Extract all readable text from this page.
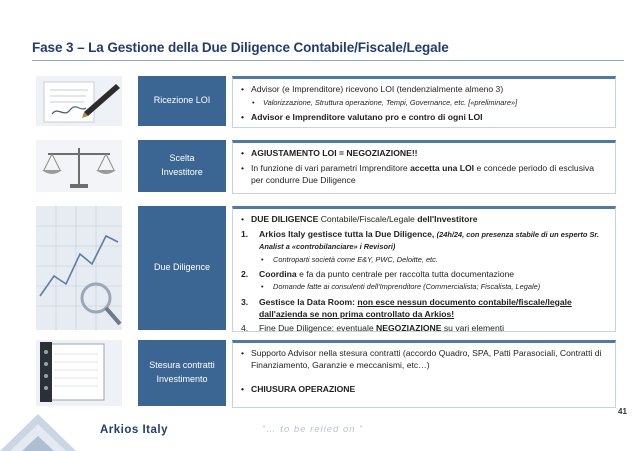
Fase 3 – La Gestione della Due Diligence Contabile/Fiscale/Legale
Ricezione LOI
• Advisor (e Imprenditore) ricevono LOI (tendenzialmente almeno 3)
• Valorizzazione, Struttura operazione, Tempi, Governance, etc. [«preliminare»]
• Advisor e Imprenditore valutano pro e contro di ogni LOI
Scelta
Investitore
• AGIUSTAMENTO LOI = NEGOZIAZIONE!!
• In funzione di vari parametri Imprenditore accetta una LOI e concede periodo di esclusiva per condurre Due Diligence
Due Diligence
• DUE DILIGENCE Contabile/Fiscale/Legale dell'Investitore
1. Arkios Italy gestisce tutta la Due Diligence, (24h/24, con presenza stabile di un esperto Sr. Analist a «controbilanciare» i Revisori)
• Controparti società come E&Y, PWC, Deloitte, etc.
2. Coordina e fa da punto centrale per raccolta tutta documentazione
• Domande fatte ai consulenti dell'Imprenditore (Commercialista; Fiscalista, Legale)
3. Gestisce la Data Room: non esce nessun documento contabile/fiscale/legale dall'azienda se non prima controllato da Arkios!
4. Fine Due Diligence: eventuale NEGOZIAZIONE su vari elementi
Stesura contratti
Investimento
• Supporto Advisor nella stesura contratti (accordo Quadro, SPA, Patti Parasociali, Contratti di Finanziamento, Garanzie e meccanismi, etc…)
• CHIUSURA OPERAZIONE
41
Arkios Italy	“… to be relied on ”
